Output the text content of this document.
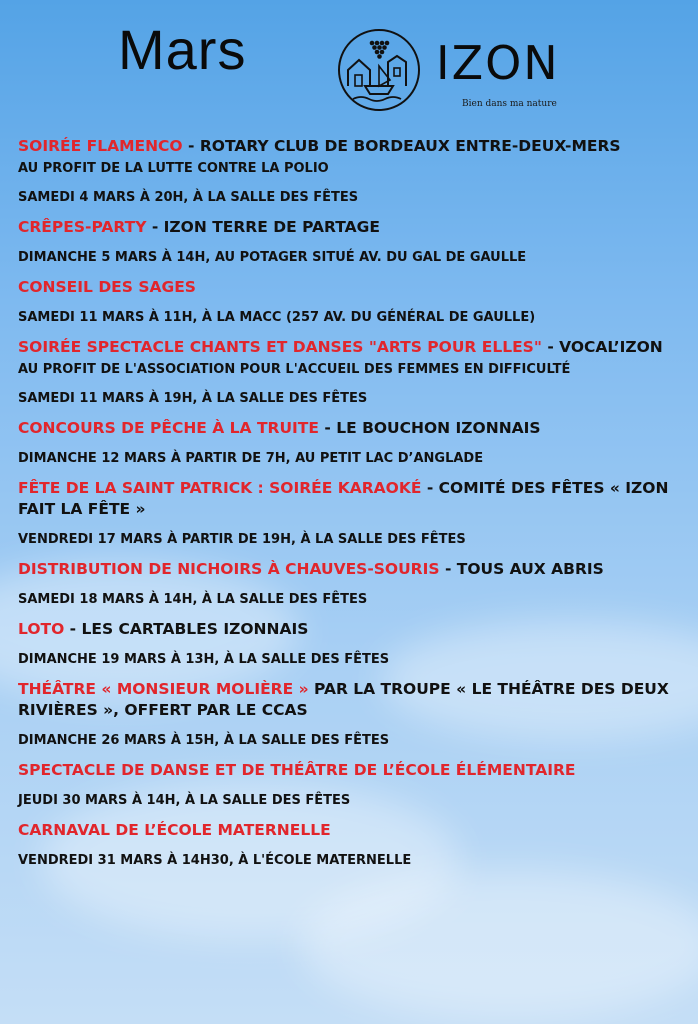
Mars	IZON
Bien dans ma nature
SOIRÉE FLAMENCO - ROTARY CLUB DE BORDEAUX ENTRE-DEUX-MERS
AU PROFIT DE LA LUTTE CONTRE LA POLIO
SAMEDI 4 MARS À 20H, À LA SALLE DES FÊTES
CRÊPES-PARTY - IZON TERRE DE PARTAGE
DIMANCHE 5 MARS À 14H, AU POTAGER SITUÉ AV. DU GAL DE GAULLE
CONSEIL DES SAGES
SAMEDI 11 MARS À 11H, À LA MACC (257 AV. DU GÉNÉRAL DE GAULLE)
SOIRÉE SPECTACLE CHANTS ET DANSES "ARTS POUR ELLES" - VOCAL’IZON
AU PROFIT DE L'ASSOCIATION POUR L'ACCUEIL DES FEMMES EN DIFFICULTÉ
SAMEDI 11 MARS À 19H, À LA SALLE DES FÊTES
CONCOURS DE PÊCHE À LA TRUITE - LE BOUCHON IZONNAIS
DIMANCHE 12 MARS À PARTIR DE 7H, AU PETIT LAC D’ANGLADE
FÊTE DE LA SAINT PATRICK : SOIRÉE KARAOKÉ - COMITÉ DES FÊTES « IZON FAIT LA FÊTE »
VENDREDI 17 MARS À PARTIR DE 19H, À LA SALLE DES FÊTES
DISTRIBUTION DE NICHOIRS À CHAUVES-SOURIS - TOUS AUX ABRIS
SAMEDI 18 MARS À 14H, À LA SALLE DES FÊTES
LOTO - LES CARTABLES IZONNAIS
DIMANCHE 19 MARS À 13H, À LA SALLE DES FÊTES
THÉÂTRE « MONSIEUR MOLIÈRE » PAR LA TROUPE « LE THÉÂTRE DES DEUX RIVIÈRES », OFFERT PAR LE CCAS
DIMANCHE 26 MARS À 15H, À LA SALLE DES FÊTES
SPECTACLE DE DANSE ET DE THÉÂTRE DE L’ÉCOLE ÉLÉMENTAIRE
JEUDI 30 MARS À 14H, À LA SALLE DES FÊTES
CARNAVAL DE L’ÉCOLE MATERNELLE
VENDREDI 31 MARS À 14H30, À L'ÉCOLE MATERNELLE
